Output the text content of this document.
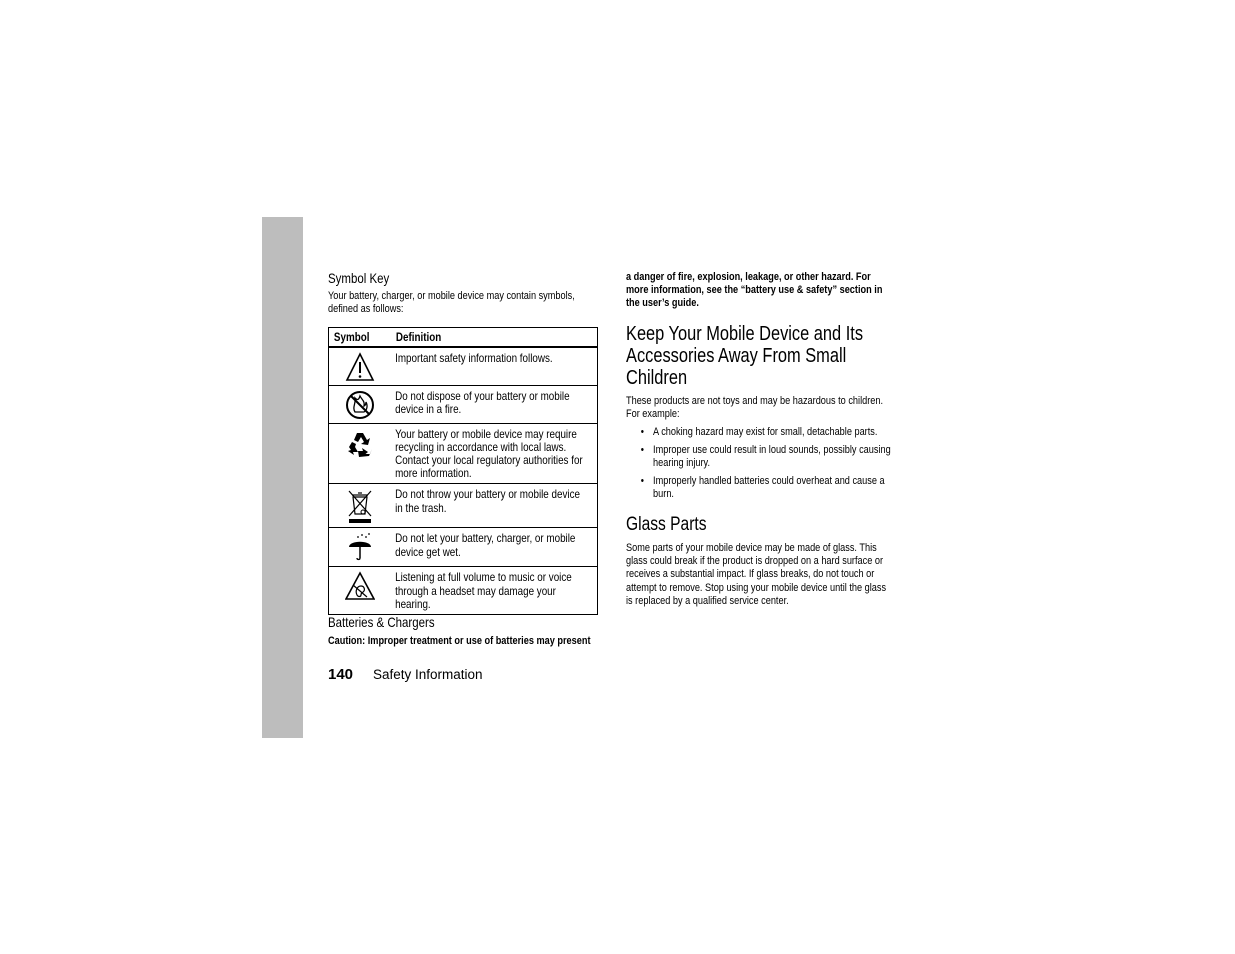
Symbol Key
Your battery, charger, or mobile device may contain symbols, defined as follows:
Symbol	Definition

Important safety information follows.

Do not dispose of your battery or mobile device in a fire.

Your battery or mobile device may require recycling in accordance with local laws. Contact your local regulatory authorities for more information.

Do not throw your battery or mobile device in the trash.

Do not let your battery, charger, or mobile device get wet.

Listening at full volume to music or voice through a headset may damage your hearing.
Batteries & Chargers
Caution: Improper treatment or use of batteries may present
a danger of fire, explosion, leakage, or other hazard. For more information, see the “battery use & safety” section in the user’s guide.
Keep Your Mobile Device and Its
Accessories Away From Small
Children
These products are not toys and may be hazardous to children. For example:
• A choking hazard may exist for small, detachable parts.
• Improper use could result in loud sounds, possibly causing hearing injury.
• Improperly handled batteries could overheat and cause a burn.
Glass Parts
Some parts of your mobile device may be made of glass. This glass could break if the product is dropped on a hard surface or receives a substantial impact. If glass breaks, do not touch or attempt to remove. Stop using your mobile device until the glass is replaced by a qualified service center.
140 Safety Information
